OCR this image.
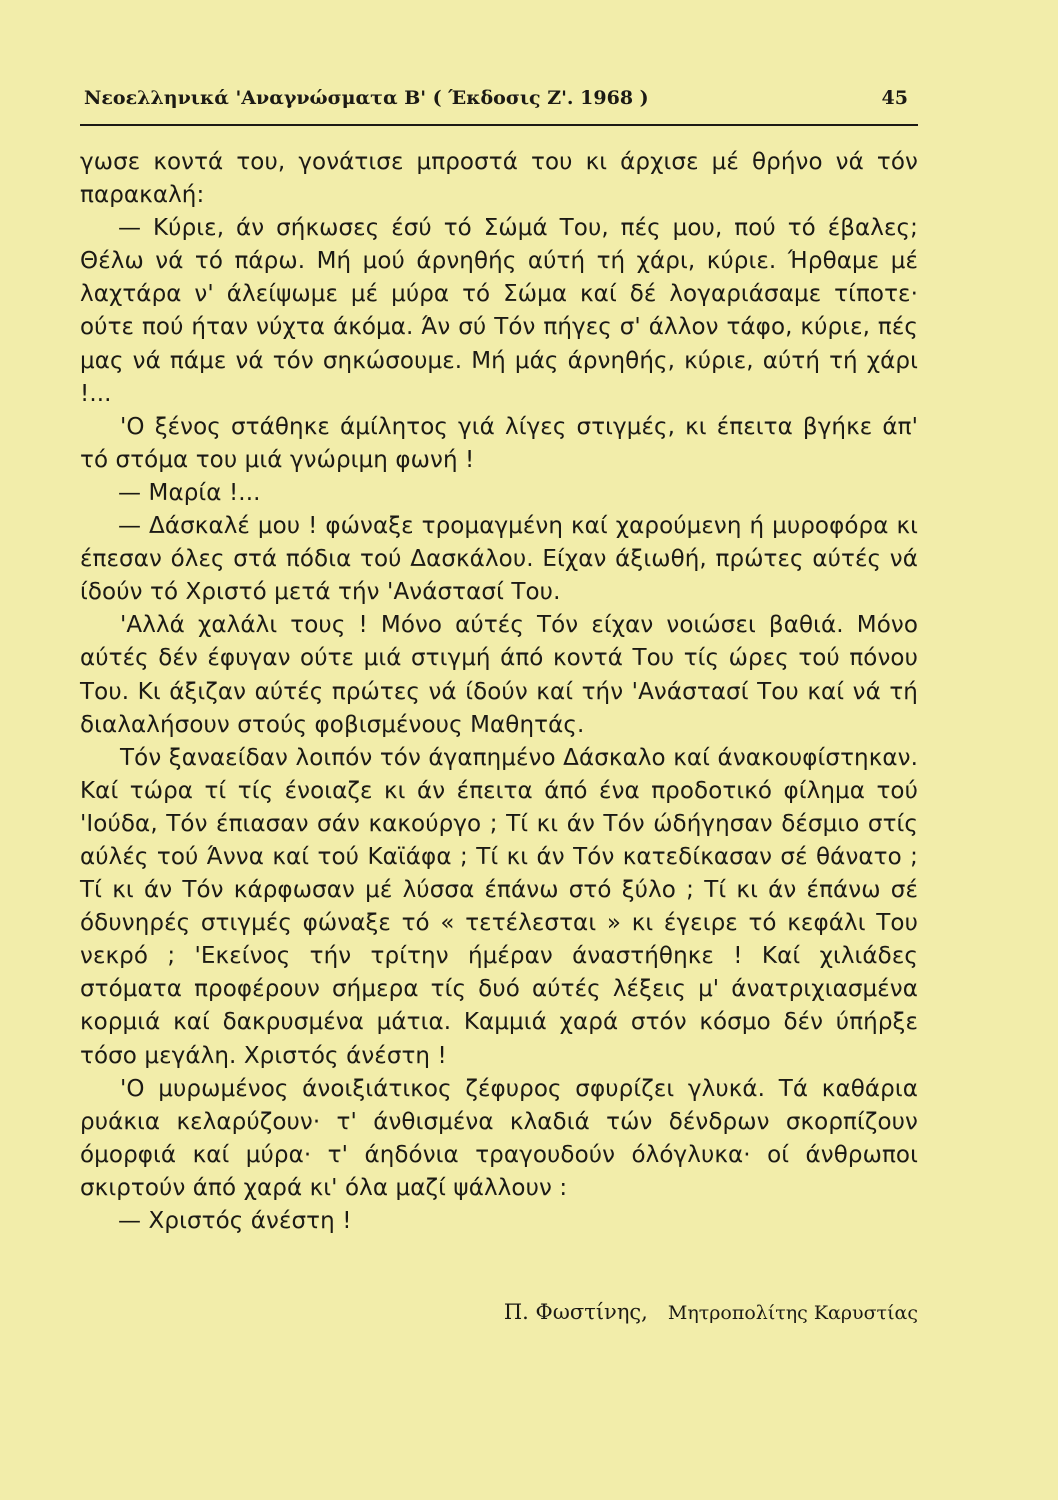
Νεοελληνικά 'Αναγνώσματα Β' ( Έκδοσις Ζ'. 1968 )	45

γωσε κοντά του, γονάτισε μπροστά του κι άρχισε μέ θρήνο νά τόν παρακαλή:

— Κύριε, άν σήκωσες έσύ τό Σώμά Του, πές μου, πού τό έβαλες; Θέλω νά τό πάρω. Μή μού άρνηθής αύτή τή χάρι, κύριε. Ήρθαμε μέ λαχτάρα ν' άλείψωμε μέ μύρα τό Σώμα καί δέ λογαριάσαμε τίποτε· ούτε πού ήταν νύχτα άκόμα. Άν σύ Τόν πήγες σ' άλλον τάφο, κύριε, πές μας νά πάμε νά τόν σηκώσουμε. Μή μάς άρνηθής, κύριε, αύτή τή χάρι !...

'Ο ξένος στάθηκε άμίλητος γιά λίγες στιγμές, κι έπειτα βγήκε άπ' τό στόμα του μιά γνώριμη φωνή !

— Μαρία !...

— Δάσκαλέ μου ! φώναξε τρομαγμένη καί χαρούμενη ή μυροφόρα κι έπεσαν όλες στά πόδια τού Δασκάλου. Είχαν άξιωθή, πρώτες αύτές νά ίδούν τό Χριστό μετά τήν 'Ανάστασί Του.

'Αλλά χαλάλι τους ! Μόνο αύτές Τόν είχαν νοιώσει βαθιά. Μόνο αύτές δέν έφυγαν ούτε μιά στιγμή άπό κοντά Του τίς ώρες τού πόνου Του. Κι άξιζαν αύτές πρώτες νά ίδούν καί τήν 'Ανάστασί Του καί νά τή διαλαλήσουν στούς φοβισμένους Μαθητάς.

Τόν ξαναείδαν λοιπόν τόν άγαπημένο Δάσκαλο καί άνακουφίστηκαν. Καί τώρα τί τίς ένοιαζε κι άν έπειτα άπό ένα προδοτικό φίλημα τού 'Ιούδα, Τόν έπιασαν σάν κακούργο ; Τί κι άν Τόν ώδήγησαν δέσμιο στίς αύλές τού Άννα καί τού Καϊάφα ; Τί κι άν Τόν κατεδίκασαν σέ θάνατο ; Τί κι άν Τόν κάρφωσαν μέ λύσσα έπάνω στό ξύλο ; Τί κι άν έπάνω σέ όδυνηρές στιγμές φώναξε τό « τετέλεσται » κι έγειρε τό κεφάλι Του νεκρό ; 'Εκείνος τήν τρίτην ήμέραν άναστήθηκε ! Καί χιλιάδες στόματα προφέρουν σήμερα τίς δυό αύτές λέξεις μ' άνατριχιασμένα κορμιά καί δακρυσμένα μάτια. Καμμιά χαρά στόν κόσμο δέν ύπήρξε τόσο μεγάλη. Χριστός άνέστη !

'Ο μυρωμένος άνοιξιάτικος ζέφυρος σφυρίζει γλυκά. Τά καθάρια ρυάκια κελαρύζουν· τ' άνθισμένα κλαδιά τών δένδρων σκορπίζουν όμορφιά καί μύρα· τ' άηδόνια τραγουδούν όλόγλυκα· οί άνθρωποι σκιρτούν άπό χαρά κι' όλα μαζί ψάλλουν :

— Χριστός άνέστη !

Π. Φωστίνης, Μητροπολίτης Καρυστίας
